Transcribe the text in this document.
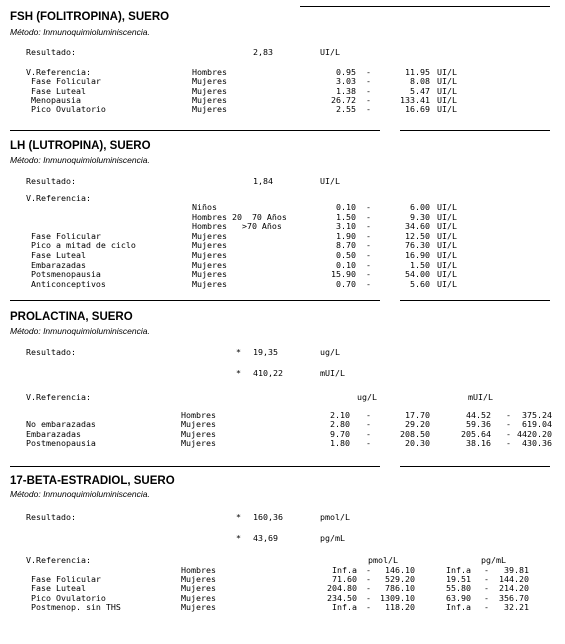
FSH (FOLITROPINA), SUERO
Método: Inmunoquimioluminiscencia.
Resultado:	2,83	UI/L
V.Referencia:	Hombres	0.95 -	11.95 UI/L
Fase Folicular	Mujeres	3.03 -	8.08 UI/L
Fase Luteal	Mujeres	1.38 -	5.47 UI/L
Menopausia	Mujeres	26.72 -	133.41 UI/L
Pico Ovulatorio	Mujeres	2.55 -	16.69 UI/L
LH (LUTROPINA), SUERO
Método: Inmunoquimioluminiscencia.
Resultado:	1,84	UI/L
V.Referencia:
Niños	0.10 -	6.00 UI/L
Hombres 20  70 Años	1.50 -	9.30 UI/L
Hombres   >70 Años	3.10 -	34.60 UI/L
Fase Folicular	Mujeres	1.90 -	12.50 UI/L
Pico a mitad de ciclo	Mujeres	8.70 -	76.30 UI/L
Fase Luteal	Mujeres	0.50 -	16.90 UI/L
Embarazadas	Mujeres	0.10 -	1.50 UI/L
Potsmenopausia	Mujeres	15.90 -	54.00 UI/L
Anticonceptivos	Mujeres	0.70 -	5.60 UI/L
PROLACTINA, SUERO
Método: Inmunoquimioluminiscencia.
Resultado:	* 19,35	ug/L
* 410,22	mUI/L
V.Referencia:	ug/L	mUI/L
Hombres	2.10 -	17.70	44.52 -	375.24
No embarazadas	Mujeres	2.80 -	29.20	59.36 -	619.04
Embarazadas	Mujeres	9.70 -	208.50	205.64 - 4420.20
Postmenopausia	Mujeres	1.80 -	20.30	38.16 -	430.36
17-BETA-ESTRADIOL, SUERO
Método: Inmunoquimioluminiscencia.
Resultado:	* 160,36	pmol/L
* 43,69	pg/mL
V.Referencia:	pmol/L	pg/mL
Hombres	Inf.a -	146.10	Inf.a -	39.81
Fase Folicular	Mujeres	71.60 -	529.20	19.51 -	144.20
Fase Luteal	Mujeres	204.80 -	786.10	55.80 -	214.20
Pico Ovulatorio	Mujeres	234.50 -	1309.10	63.90 -	356.70
Postmenop. sin THS	Mujeres	Inf.a -	118.20	Inf.a -	32.21
